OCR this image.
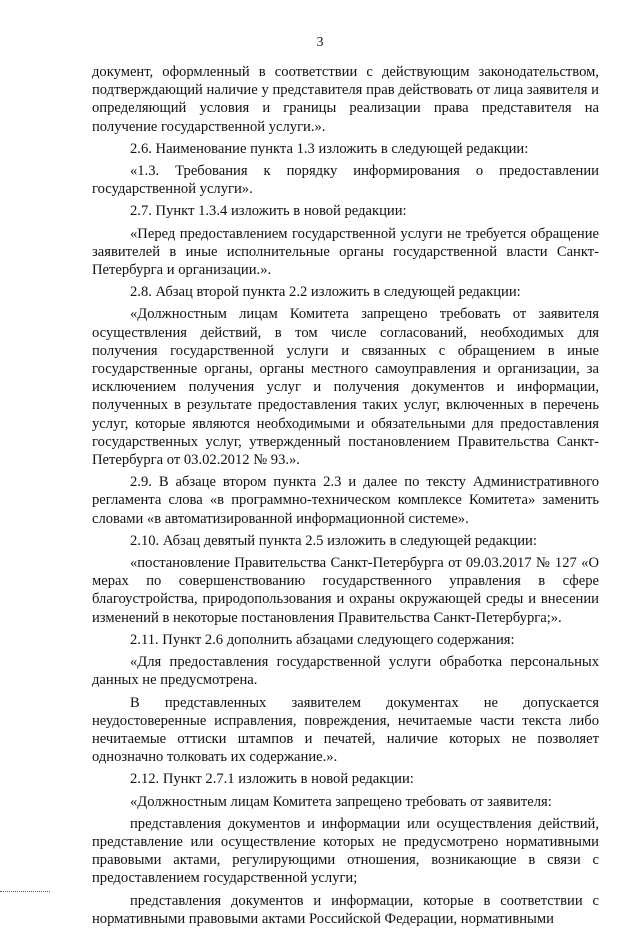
3

документ, оформленный в соответствии с действующим законодательством, подтверждающий наличие у представителя прав действовать от лица заявителя и определяющий условия и границы реализации права представителя на получение государственной услуги.».

2.6. Наименование пункта 1.3 изложить в следующей редакции:

«1.3. Требования к порядку информирования о предоставлении государственной услуги».

2.7. Пункт 1.3.4 изложить в новой редакции:

«Перед предоставлением государственной услуги не требуется обращение заявителей в иные исполнительные органы государственной власти Санкт-Петербурга и организации.».

2.8. Абзац второй пункта 2.2 изложить в следующей редакции:

«Должностным лицам Комитета запрещено требовать от заявителя осуществления действий, в том числе согласований, необходимых для получения государственной услуги и связанных с обращением в иные государственные органы, органы местного самоуправления и организации, за исключением получения услуг и получения документов и информации, полученных в результате предоставления таких услуг, включенных в перечень услуг, которые являются необходимыми и обязательными для предоставления государственных услуг, утвержденный постановлением Правительства Санкт-Петербурга от 03.02.2012 № 93.».

2.9. В абзаце втором пункта 2.3 и далее по тексту Административного регламента слова «в программно-техническом комплексе Комитета» заменить словами «в автоматизированной информационной системе».

2.10. Абзац девятый пункта 2.5 изложить в следующей редакции:

«постановление Правительства Санкт-Петербурга от 09.03.2017 № 127 «О мерах по совершенствованию государственного управления в сфере благоустройства, природопользования и охраны окружающей среды и внесении изменений в некоторые постановления Правительства Санкт-Петербурга;».

2.11. Пункт 2.6 дополнить абзацами следующего содержания:

«Для предоставления государственной услуги обработка персональных данных не предусмотрена.

В представленных заявителем документах не допускается неудостоверенные исправления, повреждения, нечитаемые части текста либо нечитаемые оттиски штампов и печатей, наличие которых не позволяет однозначно толковать их содержание.».

2.12. Пункт 2.7.1 изложить в новой редакции:

«Должностным лицам Комитета запрещено требовать от заявителя:

представления документов и информации или осуществления действий, представление или осуществление которых не предусмотрено нормативными правовыми актами, регулирующими отношения, возникающие в связи с предоставлением государственной услуги;

представления документов и информации, которые в соответствии с нормативными правовыми актами Российской Федерации, нормативными
